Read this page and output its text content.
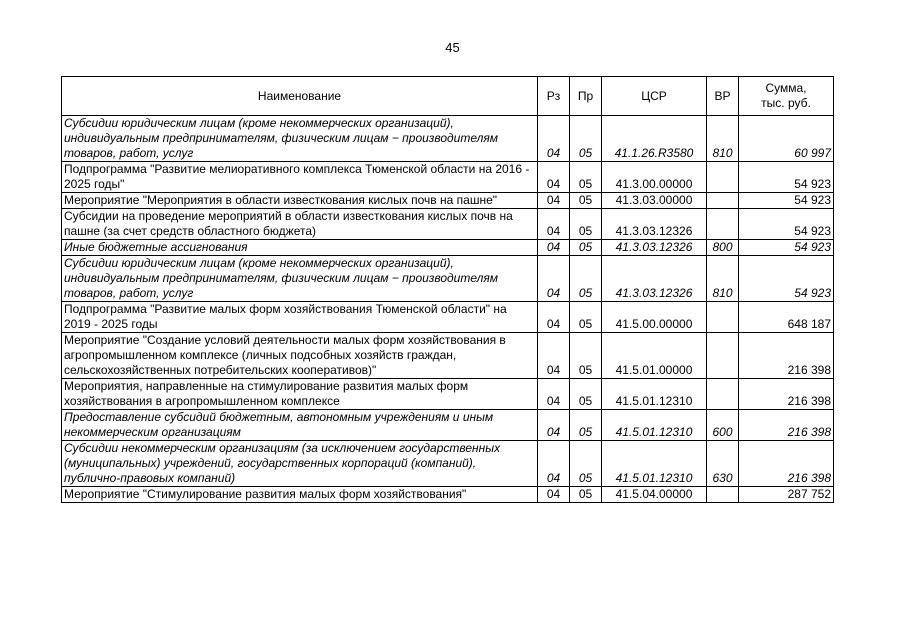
45
Наименование	Рз	Пр	ЦСР	ВР	Сумма,
тыс. руб.
Субсидии юридическим лицам (кроме некоммерческих организаций), индивидуальным предпринимателям, физическим лицам − производителям товаров, работ, услуг	04	05	41.1.26.R3580	810	60 997
Подпрограмма "Развитие мелиоративного комплекса Тюменской области на 2016 - 2025 годы"	04	05	41.3.00.00000		54 923
Мероприятие "Мероприятия в области известкования кислых почв на пашне"	04	05	41.3.03.00000		54 923
Субсидии на проведение мероприятий в области известкования кислых почв на пашне (за счет средств областного бюджета)	04	05	41.3.03.12326		54 923
Иные бюджетные ассигнования	04	05	41.3.03.12326	800	54 923
Субсидии юридическим лицам (кроме некоммерческих организаций), индивидуальным предпринимателям, физическим лицам − производителям товаров, работ, услуг	04	05	41.3.03.12326	810	54 923
Подпрограмма "Развитие малых форм хозяйствования Тюменской области" на 2019 - 2025 годы	04	05	41.5.00.00000		648 187
Мероприятие "Создание условий деятельности малых форм хозяйствования в агропромышленном комплексе (личных подсобных хозяйств граждан, сельскохозяйственных потребительских кооперативов)"	04	05	41.5.01.00000		216 398
Мероприятия, направленные на стимулирование развития малых форм хозяйствования в агропромышленном комплексе	04	05	41.5.01.12310		216 398
Предоставление субсидий бюджетным, автономным учреждениям и иным некоммерческим организациям	04	05	41.5.01.12310	600	216 398
Субсидии некоммерческим организациям (за исключением государственных (муниципальных) учреждений, государственных корпораций (компаний), публично-правовых компаний)	04	05	41.5.01.12310	630	216 398
Мероприятие "Стимулирование развития малых форм хозяйствования"	04	05	41.5.04.00000		287 752
